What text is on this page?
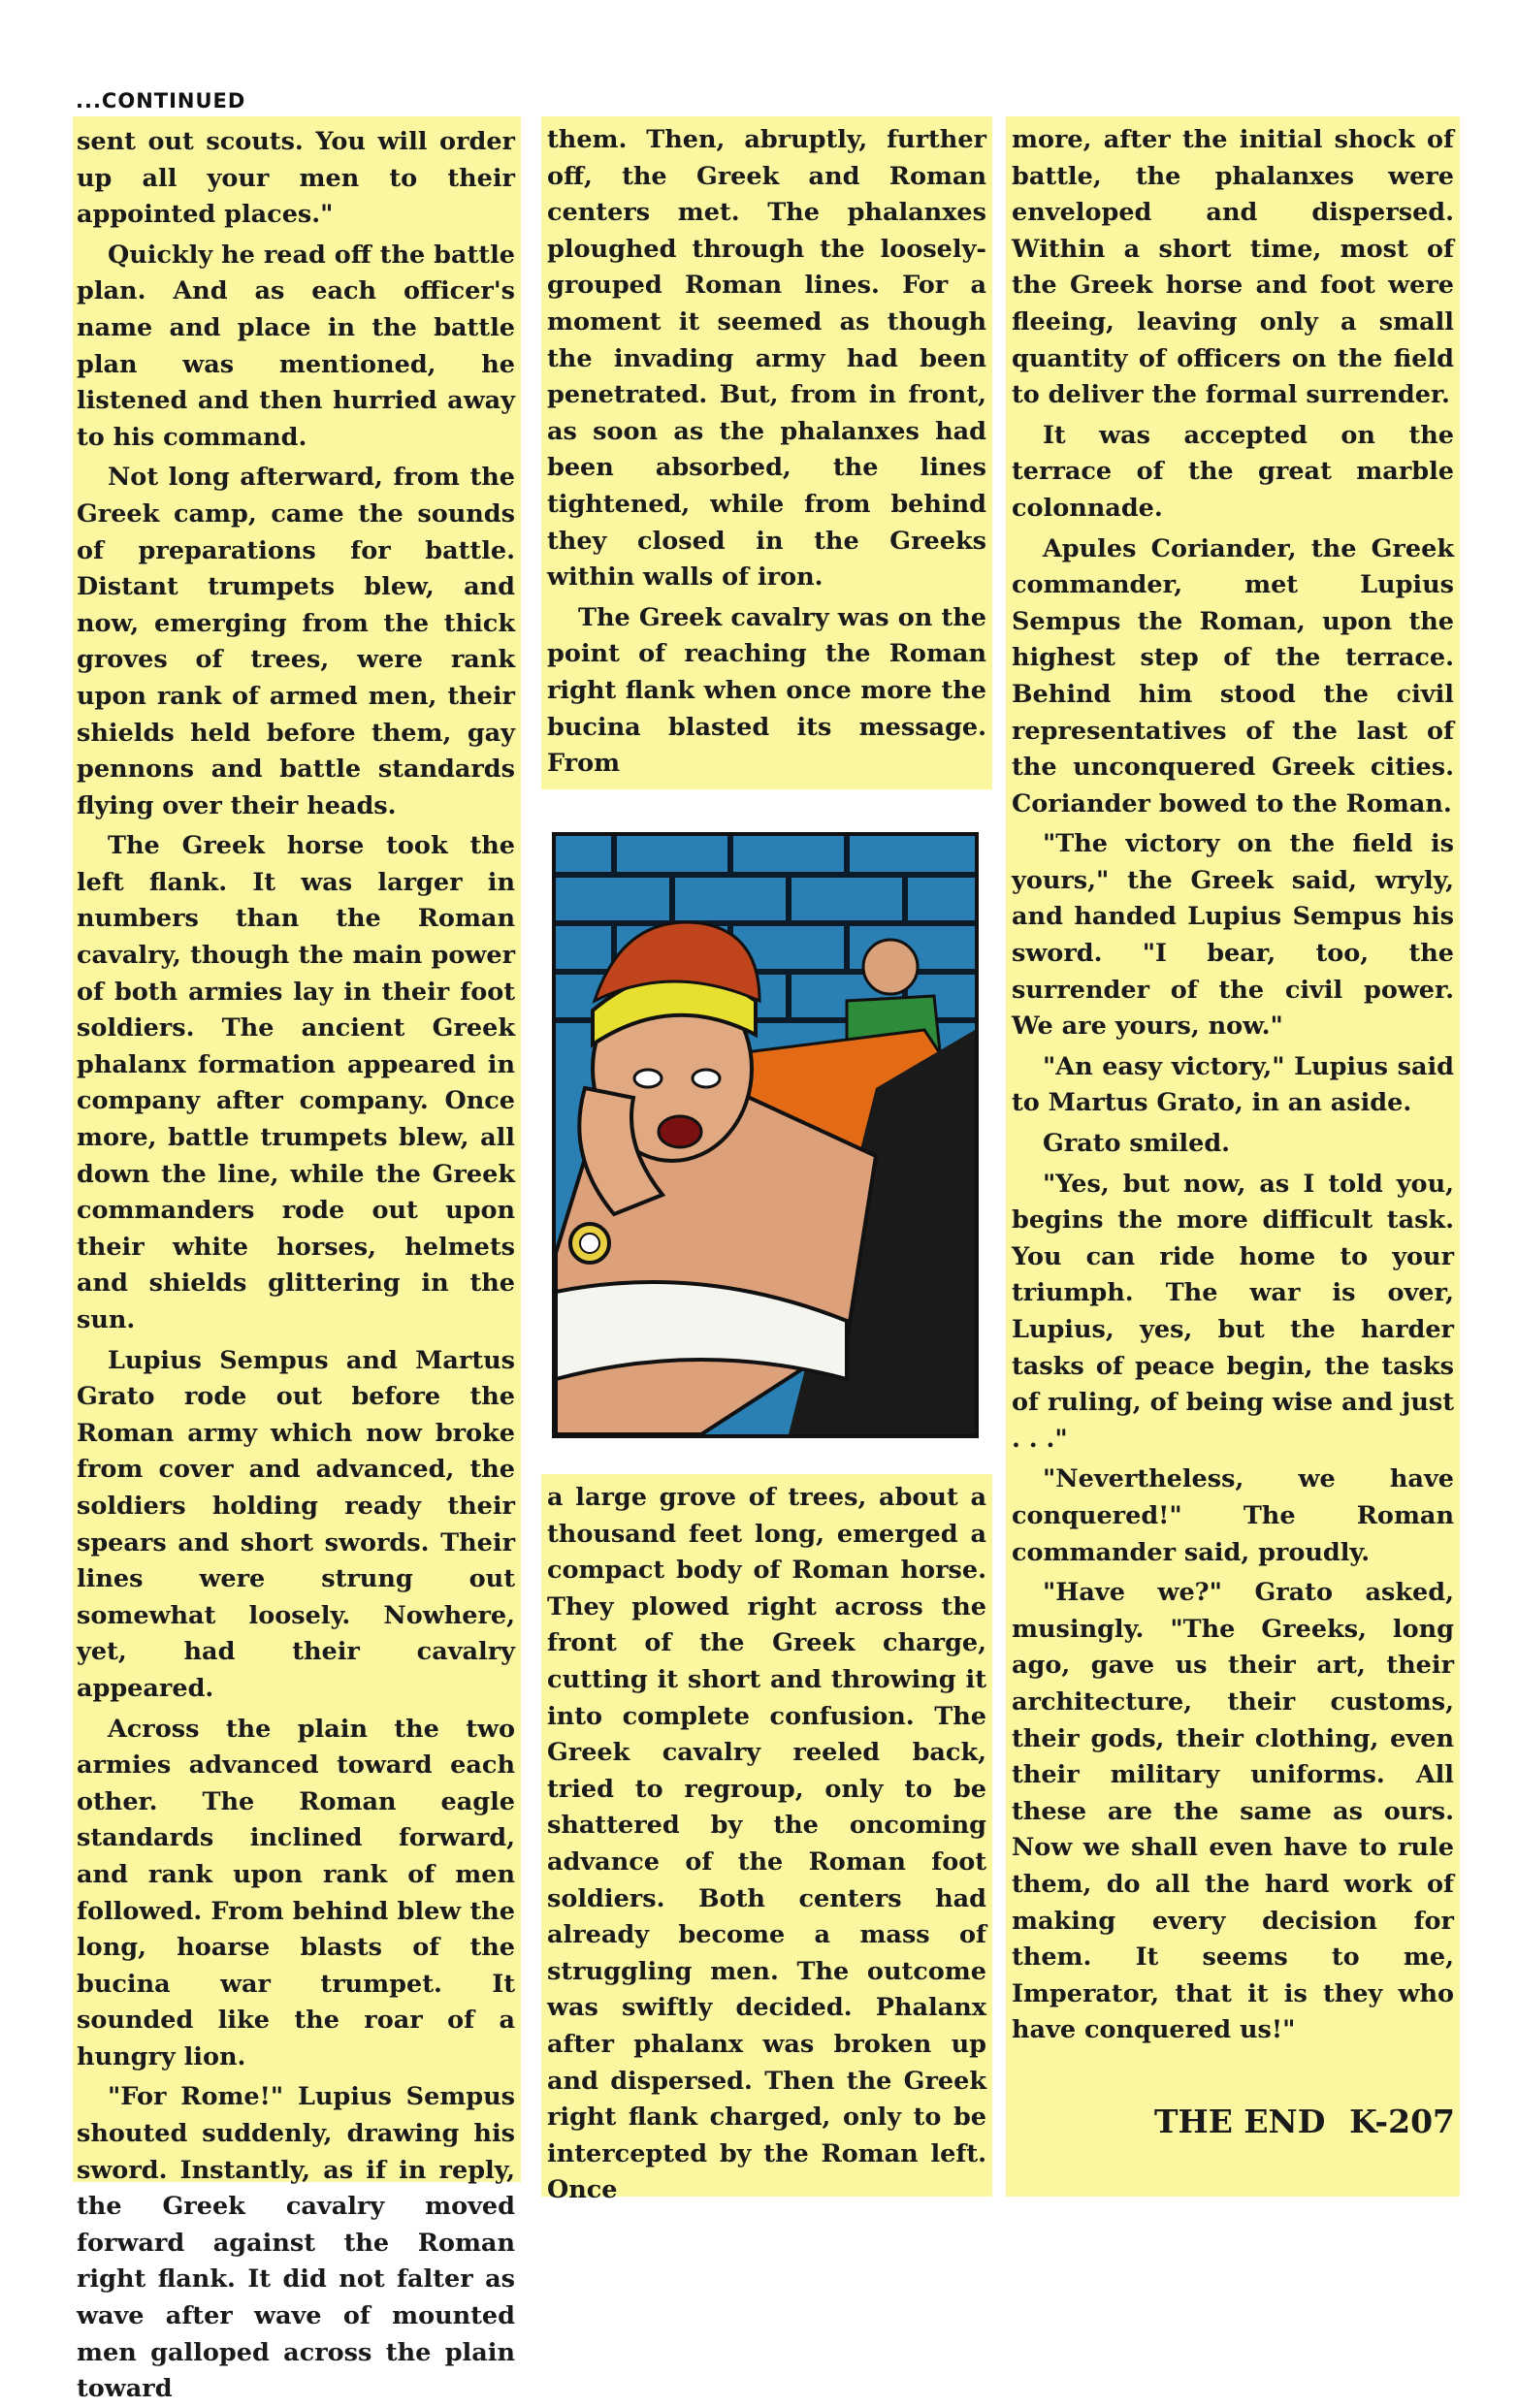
...CONTINUED

sent out scouts. You will order up all your men to their appointed places."

Quickly he read off the battle plan. And as each officer's name and place in the battle plan was mentioned, he listened and then hurried away to his command.

Not long afterward, from the Greek camp, came the sounds of preparations for battle. Distant trumpets blew, and now, emerging from the thick groves of trees, were rank upon rank of armed men, their shields held before them, gay pennons and battle standards flying over their heads.

The Greek horse took the left flank. It was larger in numbers than the Roman cavalry, though the main power of both armies lay in their foot soldiers. The ancient Greek phalanx formation appeared in company after company. Once more, battle trumpets blew, all down the line, while the Greek commanders rode out upon their white horses, helmets and shields glittering in the sun.

Lupius Sempus and Martus Grato rode out before the Roman army which now broke from cover and advanced, the soldiers holding ready their spears and short swords. Their lines were strung out somewhat loosely. Nowhere, yet, had their cavalry appeared.

Across the plain the two armies advanced toward each other. The Roman eagle standards inclined forward, and rank upon rank of men followed. From behind blew the long, hoarse blasts of the bucina war trumpet. It sounded like the roar of a hungry lion.

"For Rome!" Lupius Sempus shouted suddenly, drawing his sword. Instantly, as if in reply, the Greek cavalry moved forward against the Roman right flank. It did not falter as wave after wave of mounted men galloped across the plain toward

them. Then, abruptly, further off, the Greek and Roman centers met. The phalanxes ploughed through the loosely-grouped Roman lines. For a moment it seemed as though the invading army had been penetrated. But, from in front, as soon as the phalanxes had been absorbed, the lines tightened, while from behind they closed in the Greeks within walls of iron.

The Greek cavalry was on the point of reaching the Roman right flank when once more the bucina blasted its message. From

a large grove of trees, about a thousand feet long, emerged a compact body of Roman horse. They plowed right across the front of the Greek charge, cutting it short and throwing it into complete confusion. The Greek cavalry reeled back, tried to regroup, only to be shattered by the oncoming advance of the Roman foot soldiers. Both centers had already become a mass of struggling men. The outcome was swiftly decided. Phalanx after phalanx was broken up and dispersed. Then the Greek right flank charged, only to be intercepted by the Roman left. Once

more, after the initial shock of battle, the phalanxes were enveloped and dispersed. Within a short time, most of the Greek horse and foot were fleeing, leaving only a small quantity of officers on the field to deliver the formal surrender.

It was accepted on the terrace of the great marble colonnade.

Apules Coriander, the Greek commander, met Lupius Sempus the Roman, upon the highest step of the terrace. Behind him stood the civil representatives of the last of the unconquered Greek cities. Coriander bowed to the Roman.

"The victory on the field is yours," the Greek said, wryly, and handed Lupius Sempus his sword. "I bear, too, the surrender of the civil power. We are yours, now."

"An easy victory," Lupius said to Martus Grato, in an aside.

Grato smiled.

"Yes, but now, as I told you, begins the more difficult task. You can ride home to your triumph. The war is over, Lupius, yes, but the harder tasks of peace begin, the tasks of ruling, of being wise and just . . ."

"Nevertheless, we have conquered!" The Roman commander said, proudly.

"Have we?" Grato asked, musingly. "The Greeks, long ago, gave us their art, their architecture, their customs, their gods, their clothing, even their military uniforms. All these are the same as ours. Now we shall even have to rule them, do all the hard work of making every decision for them. It seems to me, Imperator, that it is they who have conquered us!"

THE END K-207
